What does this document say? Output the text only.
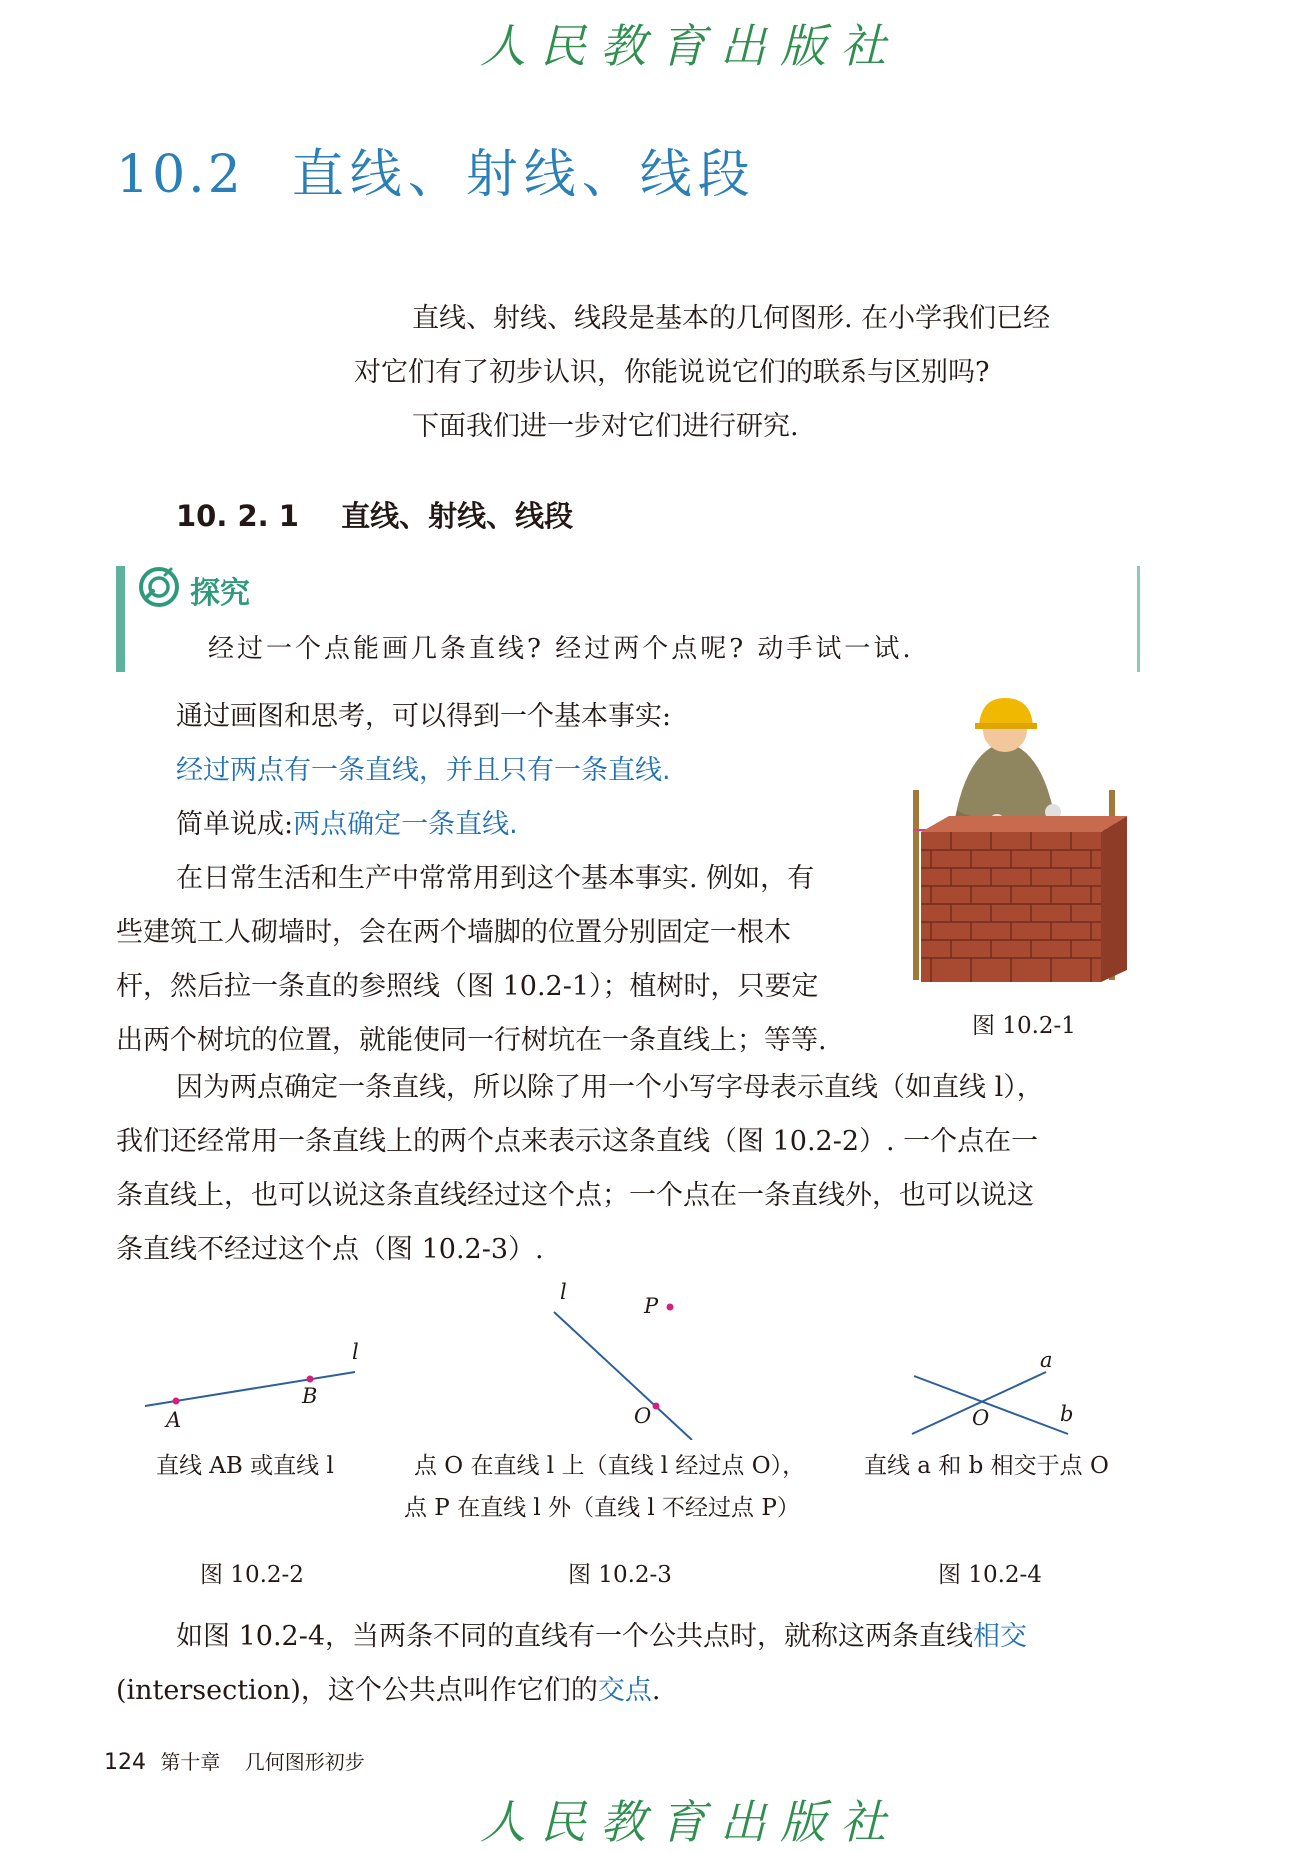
人民教育出版社
10.2 直线、射线、线段
直线、射线、线段是基本的几何图形. 在小学我们已经
对它们有了初步认识，你能说说它们的联系与区别吗?
下面我们进一步对它们进行研究.
10. 2. 1 直线、射线、线段
探究
经过一个点能画几条直线? 经过两个点呢? 动手试一试.
通过画图和思考，可以得到一个基本事实:
经过两点有一条直线，并且只有一条直线.
简单说成:两点确定一条直线.
在日常生活和生产中常常用到这个基本事实. 例如，有
些建筑工人砌墙时，会在两个墙脚的位置分别固定一根木
杆，然后拉一条直的参照线（图 10.2-1）；植树时，只要定
出两个树坑的位置，就能使同一行树坑在一条直线上；等等.	图 10.2-1
因为两点确定一条直线，所以除了用一个小写字母表示直线（如直线 l），
我们还经常用一条直线上的两个点来表示这条直线（图 10.2-2）. 一个点在一
条直线上，也可以说这条直线经过这个点；一个点在一条直线外，也可以说这
条直线不经过这个点（图 10.2-3）.
A
B
l
直线 AB 或直线 l
图 10.2-2
l
P
O
点 O 在直线 l 上（直线 l 经过点 O），
点 P 在直线 l 外（直线 l 不经过点 P）
图 10.2-3
a
b
O
直线 a 和 b 相交于点 O
图 10.2-4
如图 10.2-4，当两条不同的直线有一个公共点时，就称这两条直线相交
(intersection)，这个公共点叫作它们的交点.
124 第十章 几何图形初步
人民教育出版社
